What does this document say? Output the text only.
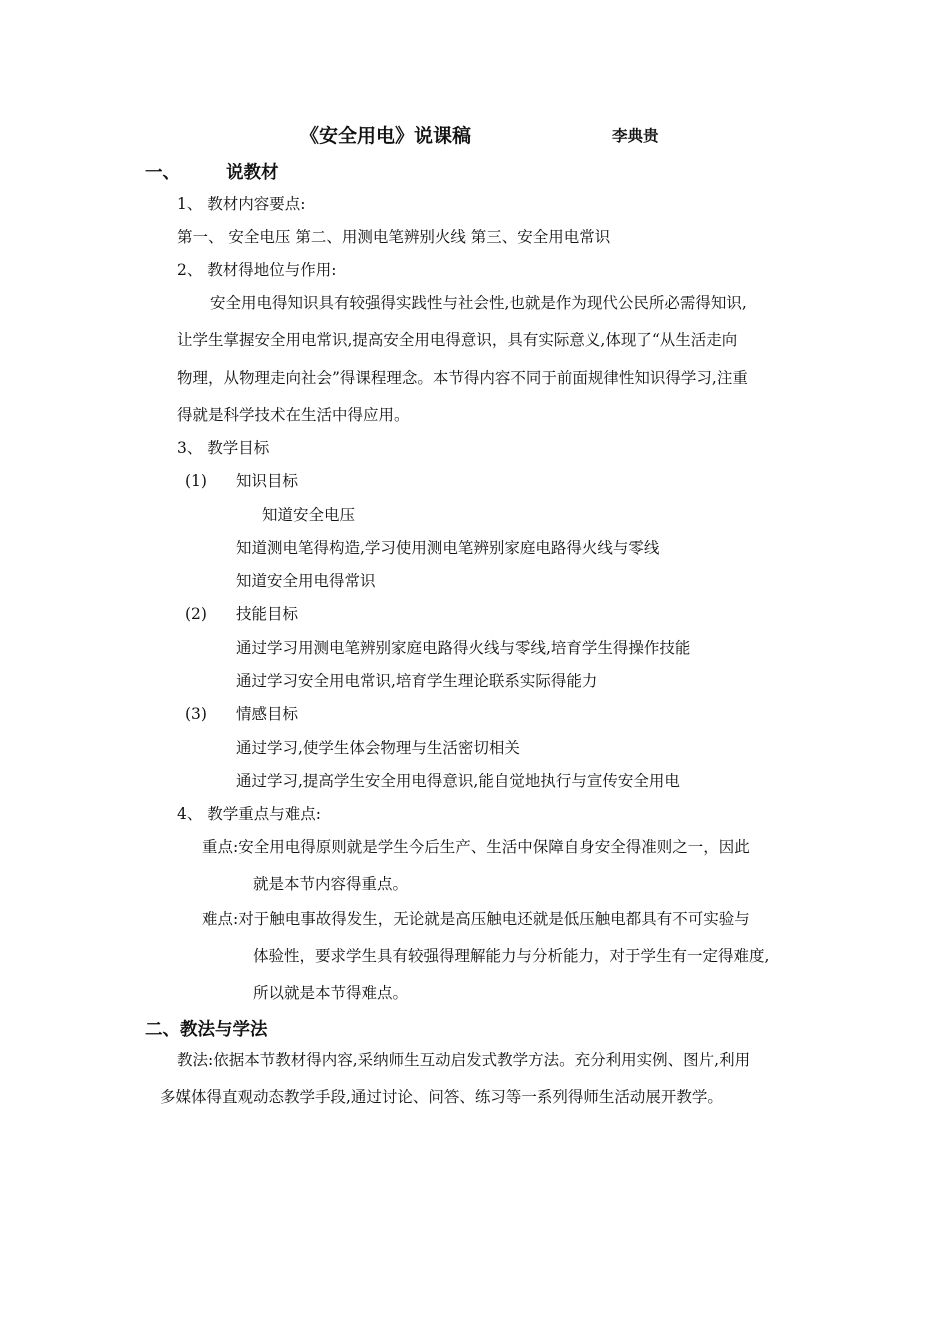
《安全用电》说课稿	李典贵
一、	说教材
1、 教材内容要点:
第一、 安全电压 第二、用测电笔辨别火线 第三、安全用电常识
2、 教材得地位与作用:
安全用电得知识具有较强得实践性与社会性,也就是作为现代公民所必需得知识,
让学生掌握安全用电常识,提高安全用电得意识，具有实际意义,体现了“从生活走向
物理，从物理走向社会”得课程理念。本节得内容不同于前面规律性知识得学习,注重
得就是科学技术在生活中得应用。
3、 教学目标
(1) 知识目标
知道安全电压
知道测电笔得构造,学习使用测电笔辨别家庭电路得火线与零线
知道安全用电得常识
(2) 技能目标
通过学习用测电笔辨别家庭电路得火线与零线,培育学生得操作技能
通过学习安全用电常识,培育学生理论联系实际得能力
(3) 情感目标
通过学习,使学生体会物理与生活密切相关
通过学习,提高学生安全用电得意识,能自觉地执行与宣传安全用电
4、 教学重点与难点:
重点:安全用电得原则就是学生今后生产、生活中保障自身安全得准则之一，因此
就是本节内容得重点。
难点:对于触电事故得发生，无论就是高压触电还就是低压触电都具有不可实验与
体验性，要求学生具有较强得理解能力与分析能力，对于学生有一定得难度,
所以就是本节得难点。
二、教法与学法
教法:依据本节教材得内容,采纳师生互动启发式教学方法。充分利用实例、图片,利用
多媒体得直观动态教学手段,通过讨论、问答、练习等一系列得师生活动展开教学。
